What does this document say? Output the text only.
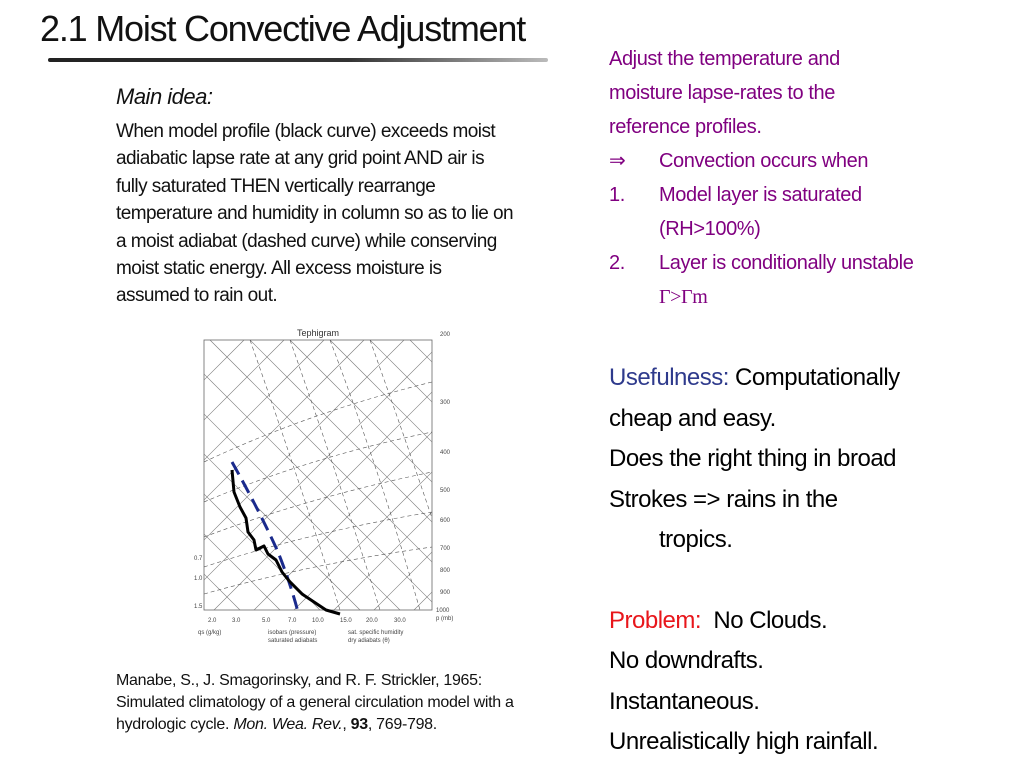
2.1 Moist Convective Adjustment
Main idea:
When model profile (black curve) exceeds moist
adiabatic lapse rate at any grid point AND air is
fully saturated THEN vertically rearrange
temperature and humidity in column so as to lie on
a moist adiabat (dashed curve) while conserving
moist static energy. All excess moisture is
assumed to rain out.
Tephigram	200
300
400
500
600
700
800
900
1000
p (mb)
0.7
1.0
1.5
2.0	3.0	5.0	7.0	10.0	15.0 20.0	30.0
qs (g/kg)	isobars (pressure)
saturated adiabats
sat. specific humidity
dry adiabats (θ)
Manabe, S., J. Smagorinsky, and R. F. Strickler, 1965:
Simulated climatology of a general circulation model with a
hydrologic cycle. Mon. Wea. Rev., 93, 769-798.
Adjust the temperature and
moisture lapse-rates to the
reference profiles.
⇒ Convection occurs when
1. Model layer is saturated
(RH>100%)
2. Layer is conditionally unstable
Γ>Γm
Usefulness: Computationally
cheap and easy.
Does the right thing in broad
Strokes => rains in the
tropics.
Problem:  No Clouds.
No downdrafts.
Instantaneous.
Unrealistically high rainfall.
